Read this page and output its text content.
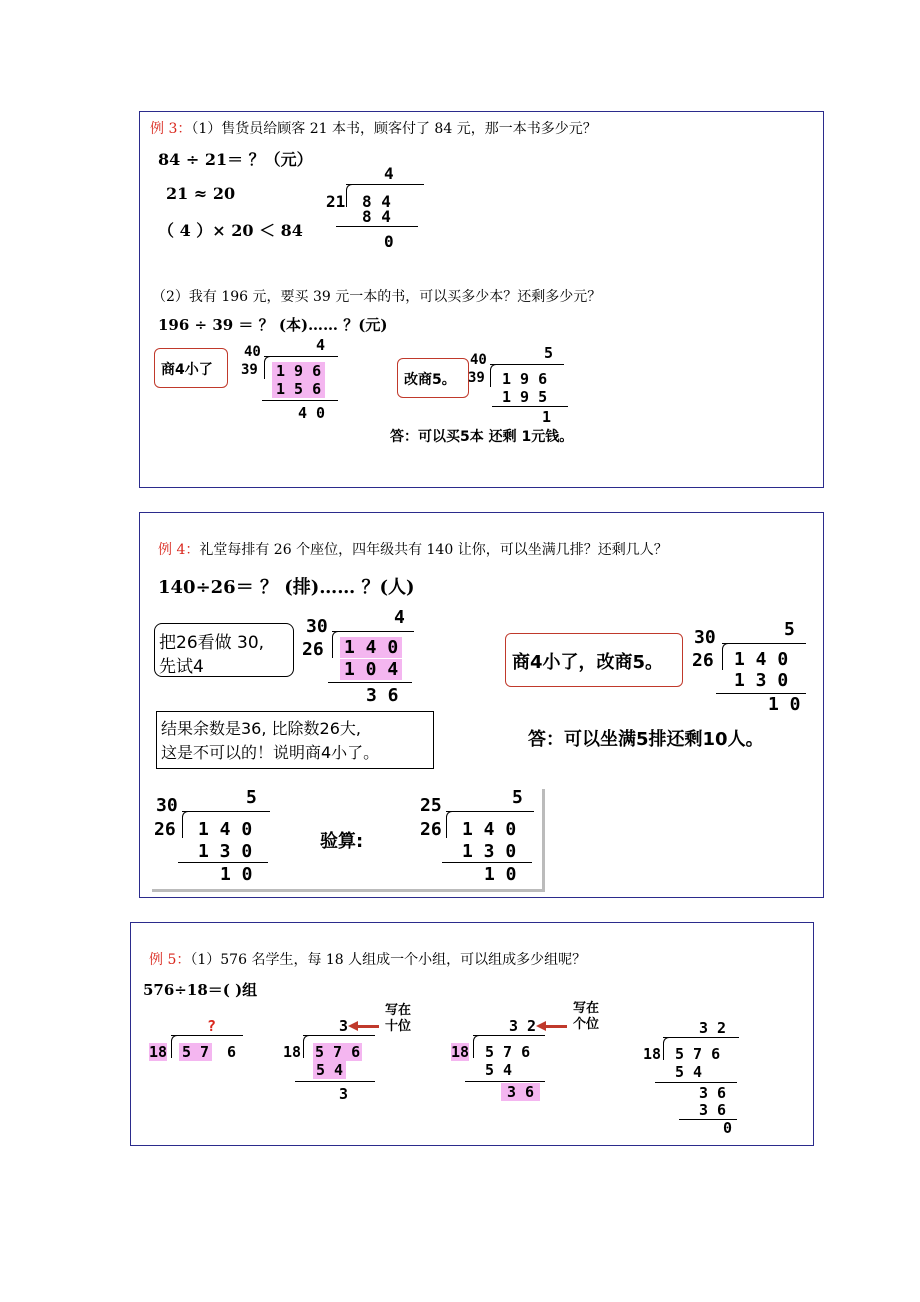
例 3：（1）售货员给顾客 21 本书，顾客付了 84 元，那一本书多少元？
84 ÷ 21＝ ？（元）
21 ≈ 20
（ 4 ）× 20 ＜ 84
4
21 8 4
8 4
0
（2）我有 196 元，要买 39 元一本的书，可以买多少本？还剩多少元？
196 ÷ 39 ＝ ？ (本)…… ？(元)
商4小了
40	4
39 1 9 6
1 5 6
4 0
改商5。
40	5
39 1 9 6
1 9 5
1
答：可以买5本 还剩 1元钱。
例 4：礼堂每排有 26 个座位，四年级共有 140 让你，可以坐满几排？还剩几人？
140÷26＝ ？ (排)…… ？(人)
把26看做 30,
先试4
30	4
26 1 4 0
1 0 4
3 6
结果余数是36, 比除数26大,
这是不可以的！说明商4小了。
商4小了，改商5。
30	5
26 1 4 0
1 3 0
1 0
答：可以坐满5排还剩10人。
30	5
26 1 4 0
1 3 0
1 0
验算:
25	5
26 1 4 0
1 3 0
1 0
例 5：（1）576 名学生，每 18 人组成一个小组，可以组成多少组呢？
576÷18＝( )组
?
18 5 7 6
3
写在
十位
18 5 7 6
5 4
3
3 2
写在
个位
18 5 7 6
5 4
3 6
3 2
18 5 7 6
5 4
3 6
3 6
0
